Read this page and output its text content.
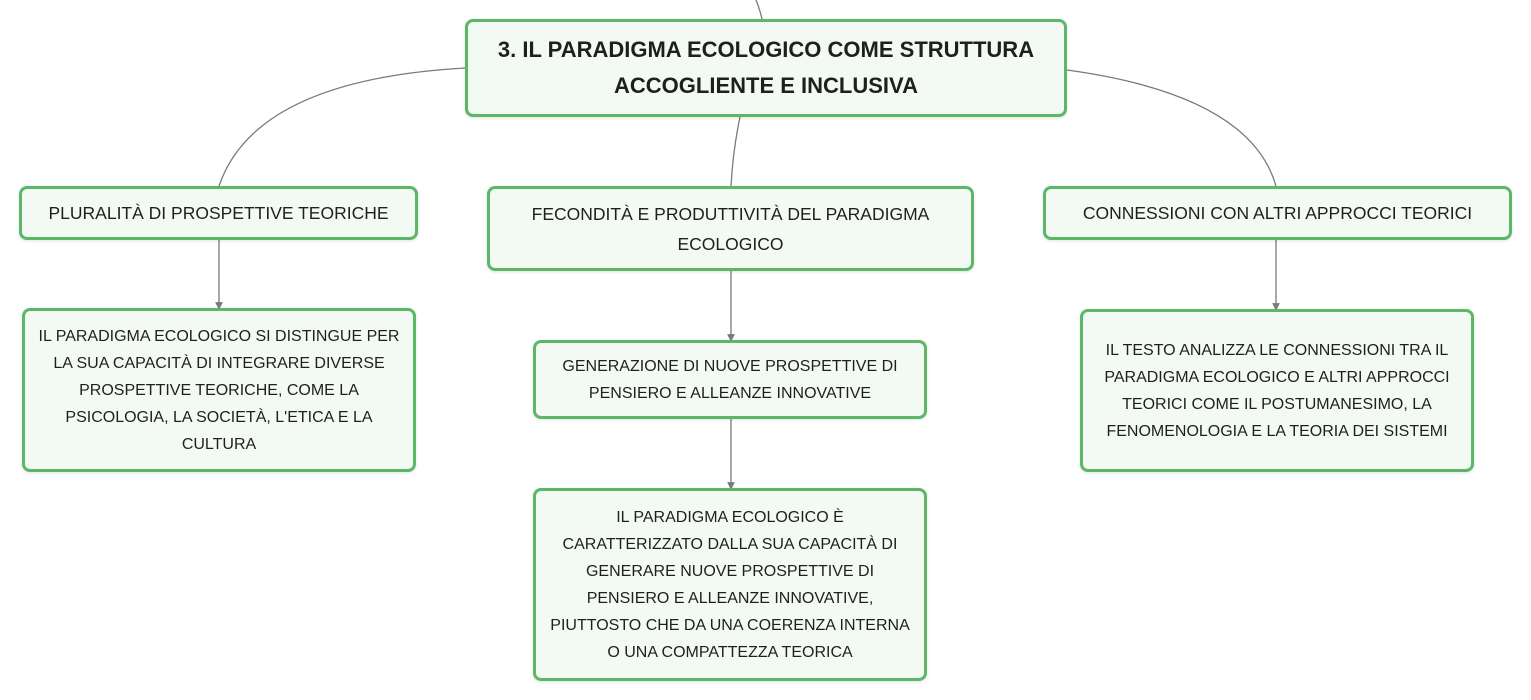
3. IL PARADIGMA ECOLOGICO COME STRUTTURA ACCOGLIENTE E INCLUSIVA
PLURALITÀ DI PROSPETTIVE TEORICHE	FECONDITÀ E PRODUTTIVITÀ DEL PARADIGMA ECOLOGICO
CONNESSIONI CON ALTRI APPROCCI TEORICI
IL PARADIGMA ECOLOGICO SI DISTINGUE PER LA SUA CAPACITÀ DI INTEGRARE DIVERSE PROSPETTIVE TEORICHE, COME LA PSICOLOGIA, LA SOCIETÀ, L'ETICA E LA CULTURA
GENERAZIONE DI NUOVE PROSPETTIVE DI PENSIERO E ALLEANZE INNOVATIVE
IL PARADIGMA ECOLOGICO È CARATTERIZZATO DALLA SUA CAPACITÀ DI GENERARE NUOVE PROSPETTIVE DI PENSIERO E ALLEANZE INNOVATIVE, PIUTTOSTO CHE DA UNA COERENZA INTERNA O UNA COMPATTEZZA TEORICA
IL TESTO ANALIZZA LE CONNESSIONI TRA IL PARADIGMA ECOLOGICO E ALTRI APPROCCI TEORICI COME IL POSTUMANESIMO, LA FENOMENOLOGIA E LA TEORIA DEI SISTEMI
